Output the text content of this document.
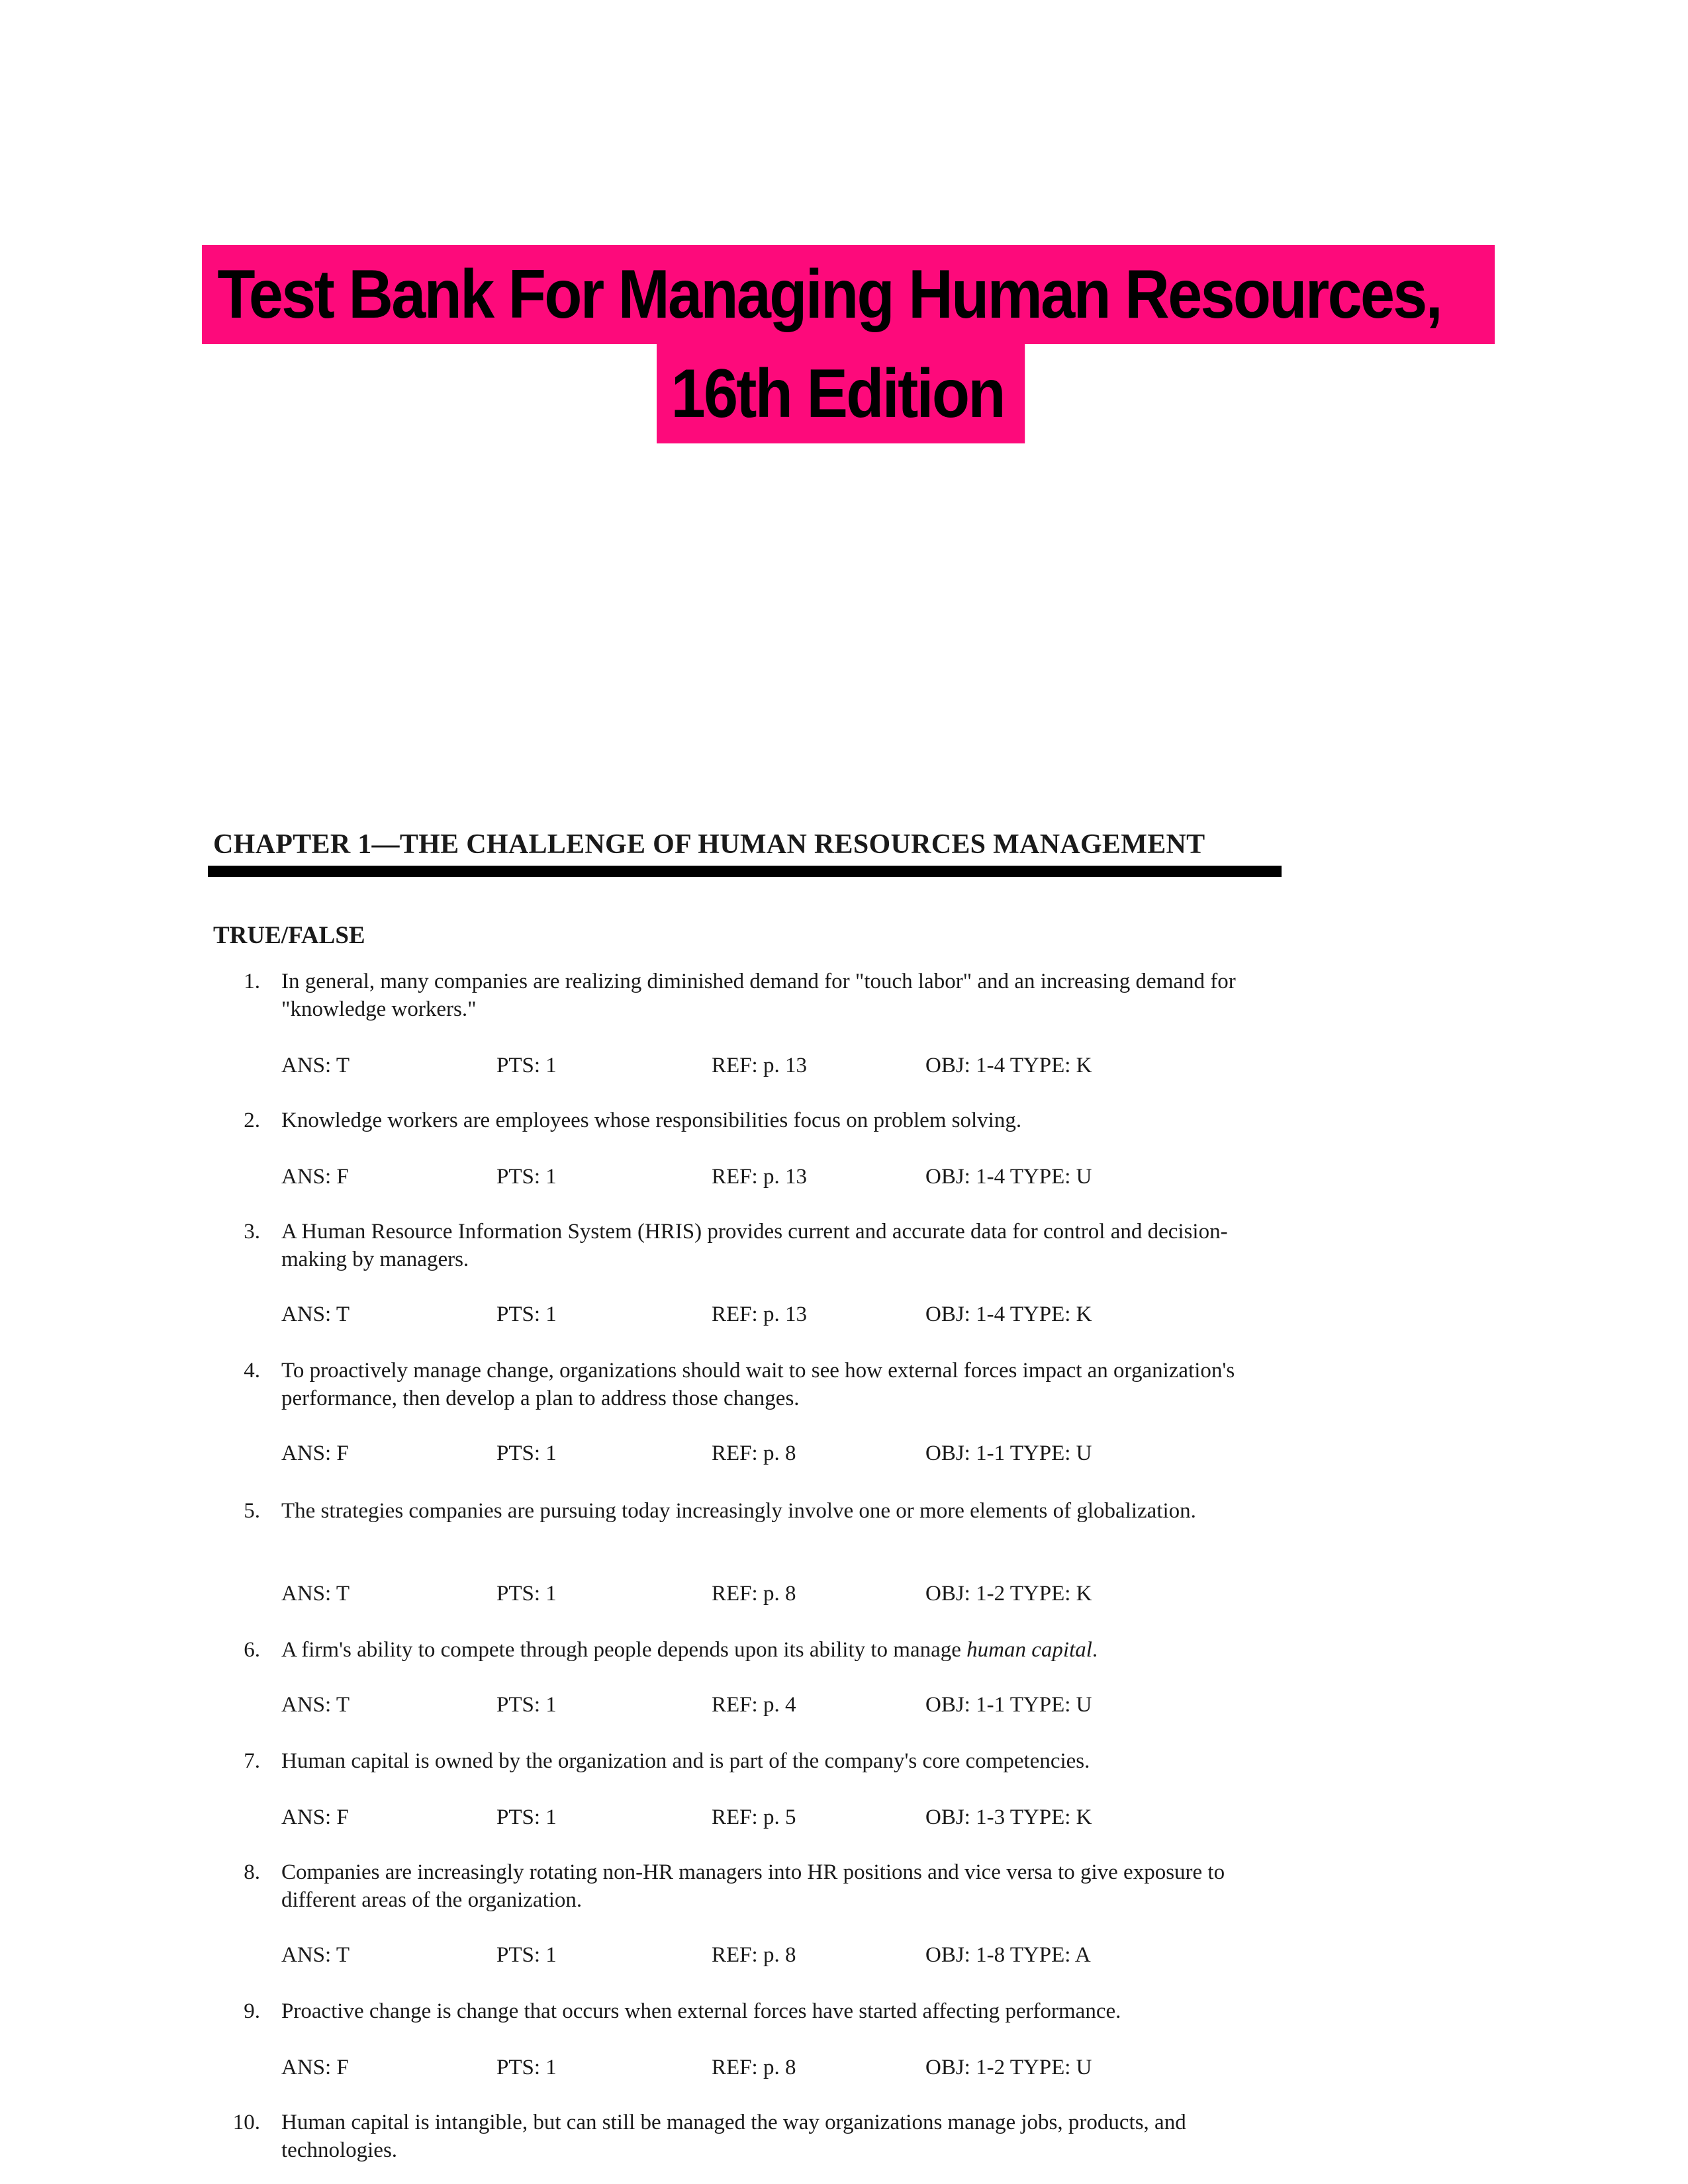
Test Bank For Managing Human Resources,
16th Edition
CHAPTER 1—THE CHALLENGE OF HUMAN RESOURCES MANAGEMENT
TRUE/FALSE
1. In general, many companies are realizing diminished demand for "touch labor" and an increasing demand for "knowledge workers."
ANS: T	PTS: 1	REF: p. 13	OBJ: 1-4 TYPE: K
2. Knowledge workers are employees whose responsibilities focus on problem solving.
ANS: F	PTS: 1	REF: p. 13	OBJ: 1-4 TYPE: U
3. A Human Resource Information System (HRIS) provides current and accurate data for control and decision-making by managers.
ANS: T	PTS: 1	REF: p. 13	OBJ: 1-4 TYPE: K
4. To proactively manage change, organizations should wait to see how external forces impact an organization's performance, then develop a plan to address those changes.
ANS: F	PTS: 1	REF: p. 8	OBJ: 1-1 TYPE: U
5. The strategies companies are pursuing today increasingly involve one or more elements of globalization.
ANS: T	PTS: 1	REF: p. 8	OBJ: 1-2 TYPE: K
6. A firm's ability to compete through people depends upon its ability to manage human capital.
ANS: T	PTS: 1	REF: p. 4	OBJ: 1-1 TYPE: U
7. Human capital is owned by the organization and is part of the company's core competencies.
ANS: F	PTS: 1	REF: p. 5	OBJ: 1-3 TYPE: K
8. Companies are increasingly rotating non-HR managers into HR positions and vice versa to give exposure to different areas of the organization.
ANS: T	PTS: 1	REF: p. 8	OBJ: 1-8 TYPE: A
9. Proactive change is change that occurs when external forces have started affecting performance.
ANS: F	PTS: 1	REF: p. 8	OBJ: 1-2 TYPE: U
10. Human capital is intangible, but can still be managed the way organizations manage jobs, products, and technologies.
